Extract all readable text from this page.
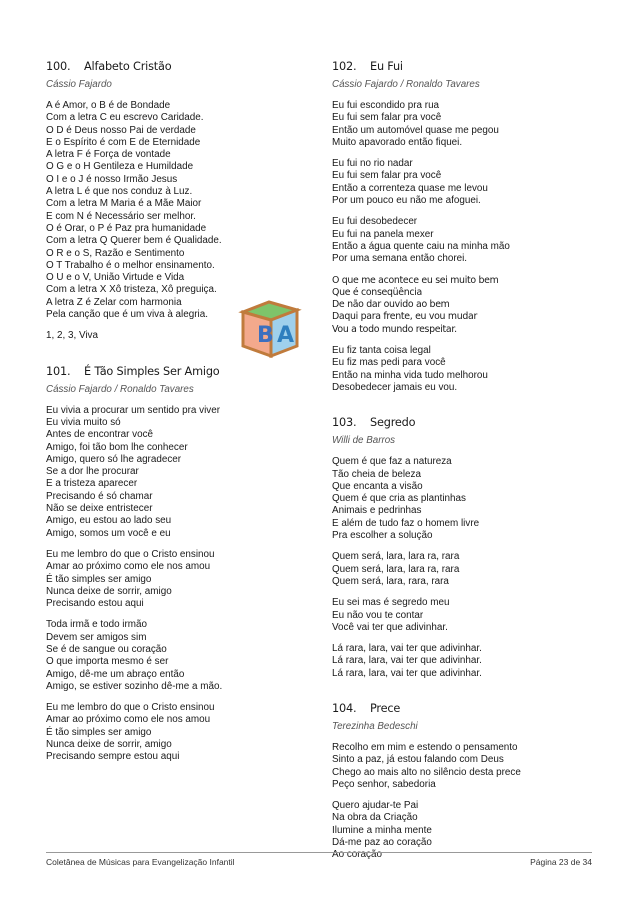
100.	Alfabeto Cristão
Cássio Fajardo
A é Amor, o B é de Bondade
Com a letra C eu escrevo Caridade.
O D é Deus nosso Pai de verdade
E o Espírito é com E de Eternidade
A letra F é Força de vontade
O G e o H Gentileza e Humildade
O I e o J é nosso Irmão Jesus
A letra L é que nos conduz à Luz.
Com a letra M Maria é a Mãe Maior
E com N é Necessário ser melhor.
O é Orar, o P é Paz pra humanidade
Com a letra Q Querer bem é Qualidade.
O R e o S, Razão e Sentimento
O T Trabalho é o melhor ensinamento.
O U e o V, União Virtude e Vida
Com a letra X Xô tristeza, Xô preguiça.
A letra Z é Zelar com harmonia
Pela canção que é um viva à alegria.
1, 2, 3, Viva
101.	É Tão Simples Ser Amigo
Cássio Fajardo / Ronaldo Tavares
Eu vivia a procurar um sentido pra viver
Eu vivia muito só
Antes de encontrar você
Amigo, foi tão bom lhe conhecer
Amigo, quero só lhe agradecer
Se a dor lhe procurar
E a tristeza aparecer
Precisando é só chamar
Não se deixe entristecer
Amigo, eu estou ao lado seu
Amigo, somos um você e eu
Eu me lembro do que o Cristo ensinou
Amar ao próximo como ele nos amou
É tão simples ser amigo
Nunca deixe de sorrir, amigo
Precisando estou aqui
Toda irmã e todo irmão
Devem ser amigos sim
Se é de sangue ou coração
O que importa mesmo é ser
Amigo, dê-me um abraço então
Amigo, se estiver sozinho dê-me a mão.
Eu me lembro do que o Cristo ensinou
Amar ao próximo como ele nos amou
É tão simples ser amigo
Nunca deixe de sorrir, amigo
Precisando sempre estou aqui
102.	Eu Fui
Cássio Fajardo / Ronaldo Tavares
Eu fui escondido pra rua
Eu fui sem falar pra você
Então um automóvel quase me pegou
Muito apavorado então fiquei.
Eu fui no rio nadar
Eu fui sem falar pra você
Então a correnteza quase me levou
Por um pouco eu não me afoguei.
Eu fui desobedecer
Eu fui na panela mexer
Então a água quente caiu na minha mão
Por uma semana então chorei.
O que me acontece eu sei muito bem
Que é conseqüência
De não dar ouvido ao bem
Daqui para frente, eu vou mudar
Vou a todo mundo respeitar.
Eu fiz tanta coisa legal
Eu fiz mas pedi para você
Então na minha vida tudo melhorou
Desobedecer jamais eu vou.
103.	Segredo
Willi de Barros
Quem é que faz a natureza
Tão cheia de beleza
Que encanta a visão
Quem é que cria as plantinhas
Animais e pedrinhas
E além de tudo faz o homem livre
Pra escolher a solução
Quem será, lara, lara ra, rara
Quem será, lara, lara ra, rara
Quem será, lara, rara, rara
Eu sei mas é segredo meu
Eu não vou te contar
Você vai ter que adivinhar.
Lá rara, lara, vai ter que adivinhar.
Lá rara, lara, vai ter que adivinhar.
Lá rara, lara, vai ter que adivinhar.
104.	Prece
Terezinha Bedeschi
Recolho em mim e estendo o pensamento
Sinto a paz, já estou falando com Deus
Chego ao mais alto no silêncio desta prece
Peço senhor, sabedoria
Quero ajudar-te Pai
Na obra da Criação
Ilumine a minha mente
Dá-me paz ao coração
Ao coração
B A
Coletânea de Músicas para Evangelização Infantil	Página 23 de 34
